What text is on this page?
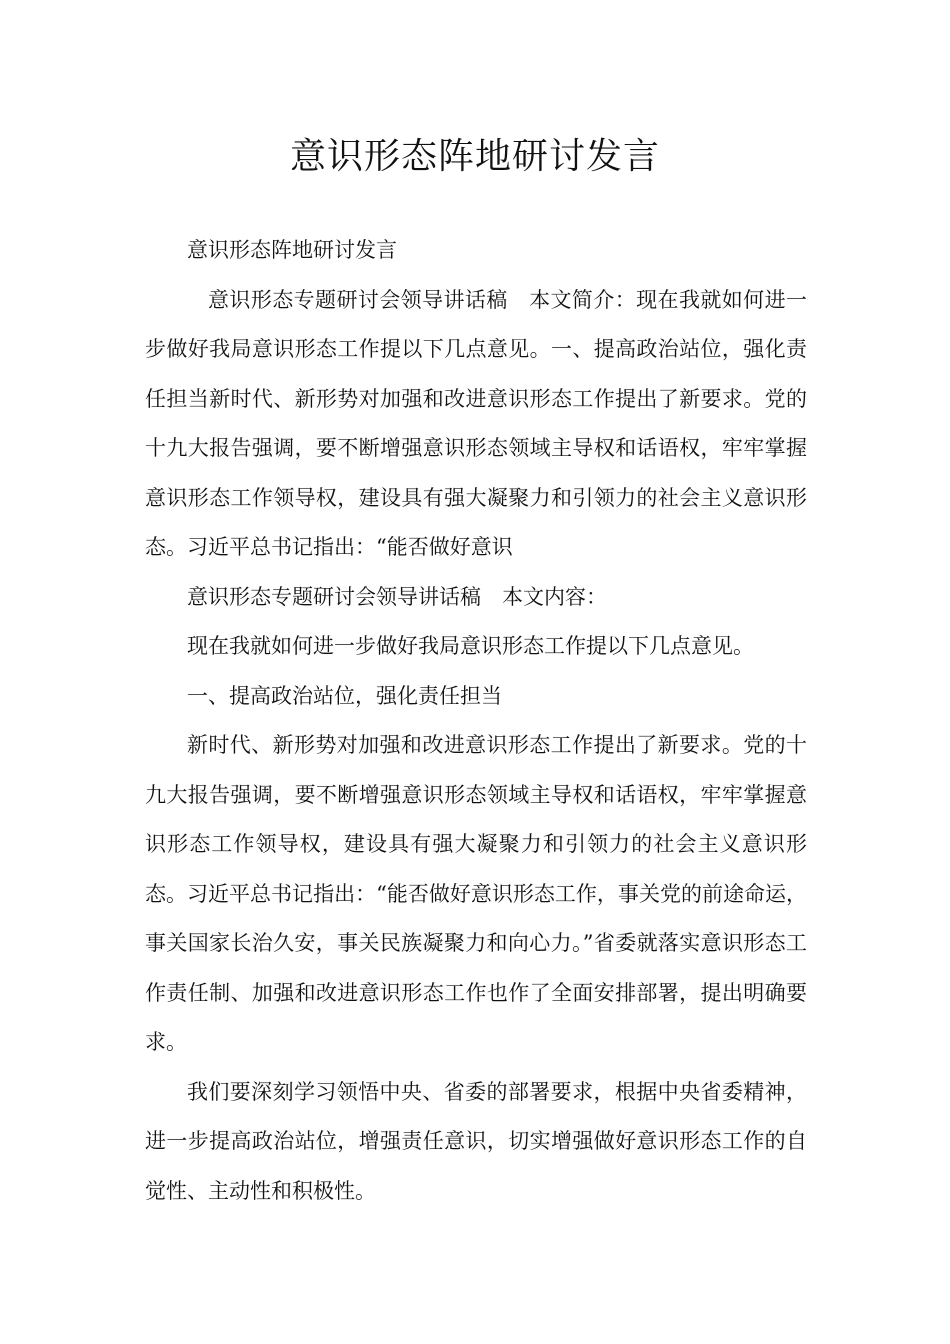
意识形态阵地研讨发言

意识形态阵地研讨发言

意识形态专题研讨会领导讲话稿　本文简介：现在我就如何进一步做好我局意识形态工作提以下几点意见。一、提高政治站位，强化责任担当新时代、新形势对加强和改进意识形态工作提出了新要求。党的十九大报告强调，要不断增强意识形态领域主导权和话语权，牢牢掌握意识形态工作领导权，建设具有强大凝聚力和引领力的社会主义意识形态。习近平总书记指出：“能否做好意识

意识形态专题研讨会领导讲话稿　本文内容：

现在我就如何进一步做好我局意识形态工作提以下几点意见。

一、提高政治站位，强化责任担当

新时代、新形势对加强和改进意识形态工作提出了新要求。党的十九大报告强调，要不断增强意识形态领域主导权和话语权，牢牢掌握意识形态工作领导权，建设具有强大凝聚力和引领力的社会主义意识形态。习近平总书记指出：“能否做好意识形态工作，事关党的前途命运，事关国家长治久安，事关民族凝聚力和向心力。”省委就落实意识形态工作责任制、加强和改进意识形态工作也作了全面安排部署，提出明确要求。

我们要深刻学习领悟中央、省委的部署要求，根据中央省委精神，进一步提高政治站位，增强责任意识，切实增强做好意识形态工作的自觉性、主动性和积极性。
